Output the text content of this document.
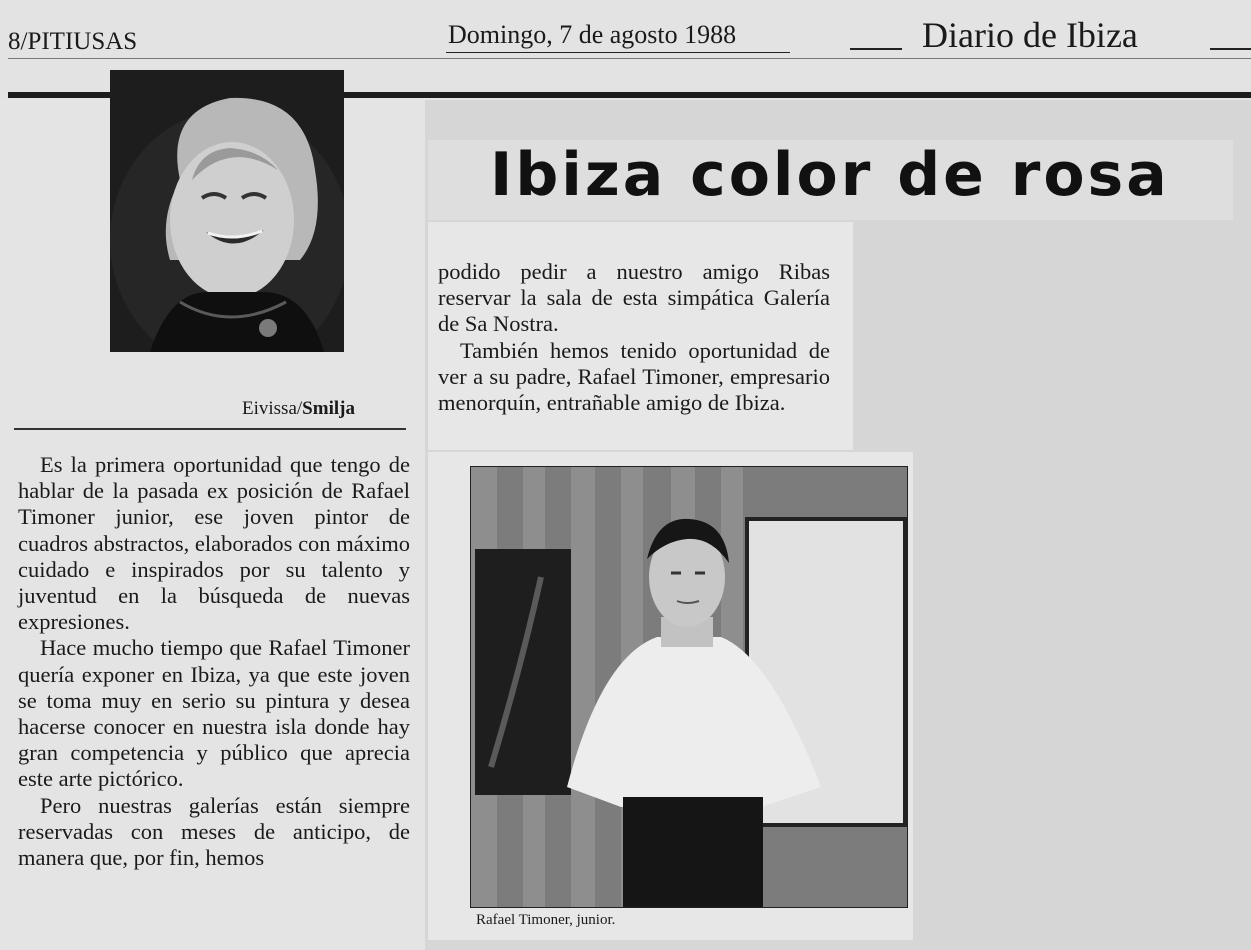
8/PITIUSAS	Domingo, 7 de agosto 1988	Diario de Ibiza
Ibiza color de rosa
Eivissa/Smilja

Es la primera oportunidad que tengo de hablar de la pasada ex posición de Rafael Timoner junior, ese joven pintor de cuadros abstractos, elaborados con máximo cuidado e inspirados por su talento y juventud en la búsqueda de nuevas expresiones.

Hace mucho tiempo que Rafael Timoner quería exponer en Ibiza, ya que este joven se toma muy en serio su pintura y desea hacerse conocer en nuestra isla donde hay gran competencia y público que aprecia este arte pictórico.

Pero nuestras galerías están siempre reservadas con meses de anticipo, de manera que, por fin, hemos

podido pedir a nuestro amigo Ribas reservar la sala de esta simpática Galería de Sa Nostra.

También hemos tenido oportunidad de ver a su padre, Rafael Timoner, empresario menorquín, entrañable amigo de Ibiza.

Rafael Timoner, junior.
